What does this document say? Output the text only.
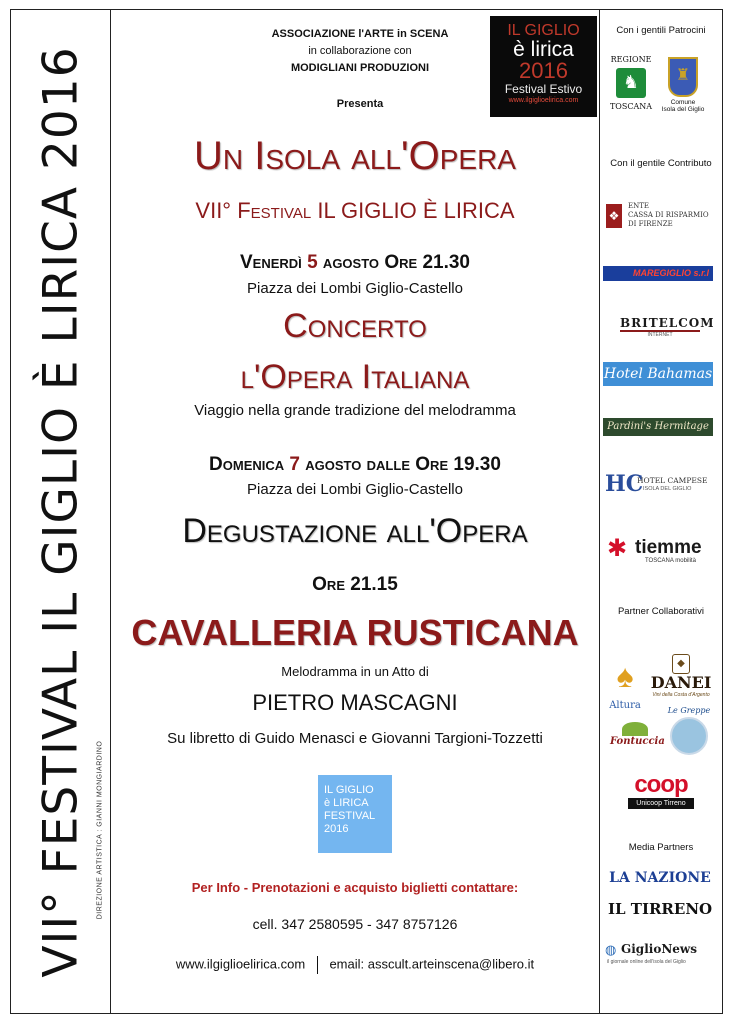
VII° FESTIVAL IL GIGLIO È LIRICA 2016 DIREZIONE ARTISTICA : GIANNI MONGIARDINO
ASSOCIAZIONE l'ARTE in SCENA
in collaborazione con
MODIGLIANI PRODUZIONI
Presenta
IL GIGLIO
è lirica
2016
Festival Estivo
www.ilgiglioelirica.com
Un Isola all'Opera
VII° Festival IL GIGLIO È LIRICA
Venerdì 5 agosto Ore 21.30
Piazza dei Lombi Giglio-Castello
Concerto
l'Opera Italiana
Viaggio nella grande tradizione del melodramma
Domenica 7 agosto dalle Ore 19.30
Piazza dei Lombi Giglio-Castello
Degustazione all'Opera
Ore 21.15
CAVALLERIA RUSTICANA
Melodramma in un Atto di
PIETRO MASCAGNI
Su libretto di Guido Menasci e Giovanni Targioni-Tozzetti
IL GIGLIO
è LIRICA
FESTIVAL
2016
Per Info - Prenotazioni e acquisto biglietti contattare:
cell. 347 2580595 - 347 8757126
www.ilgiglioelirica.com email: asscult.arteinscena@libero.it
Con i gentili Patrocini
REGIONE
♞
TOSCANA
♜
Comune
Isola del Giglio
Con il gentile Contributo
❖
ENTE
CASSA DI RISPARMIO
DI FIRENZE
MAREGIGLIO s.r.l
BRITELCOM
INTERNET
Hotel Bahamas
Pardini's Hermitage
HC
HOTEL CAMPESE
ISOLA DEL GIGLIO
✱ tiemme
TOSCANA mobilità
Partner Collaborativi
♠
Altura
◆
DANEI
Vini della Costa d'Argento
Fontuccia
Le Greppe
coop
Unicoop Tirreno
Media Partners
LA NAZIONE
IL TIRRENO
◍ GiglioNews
il giornale online dell'isola del Giglio
